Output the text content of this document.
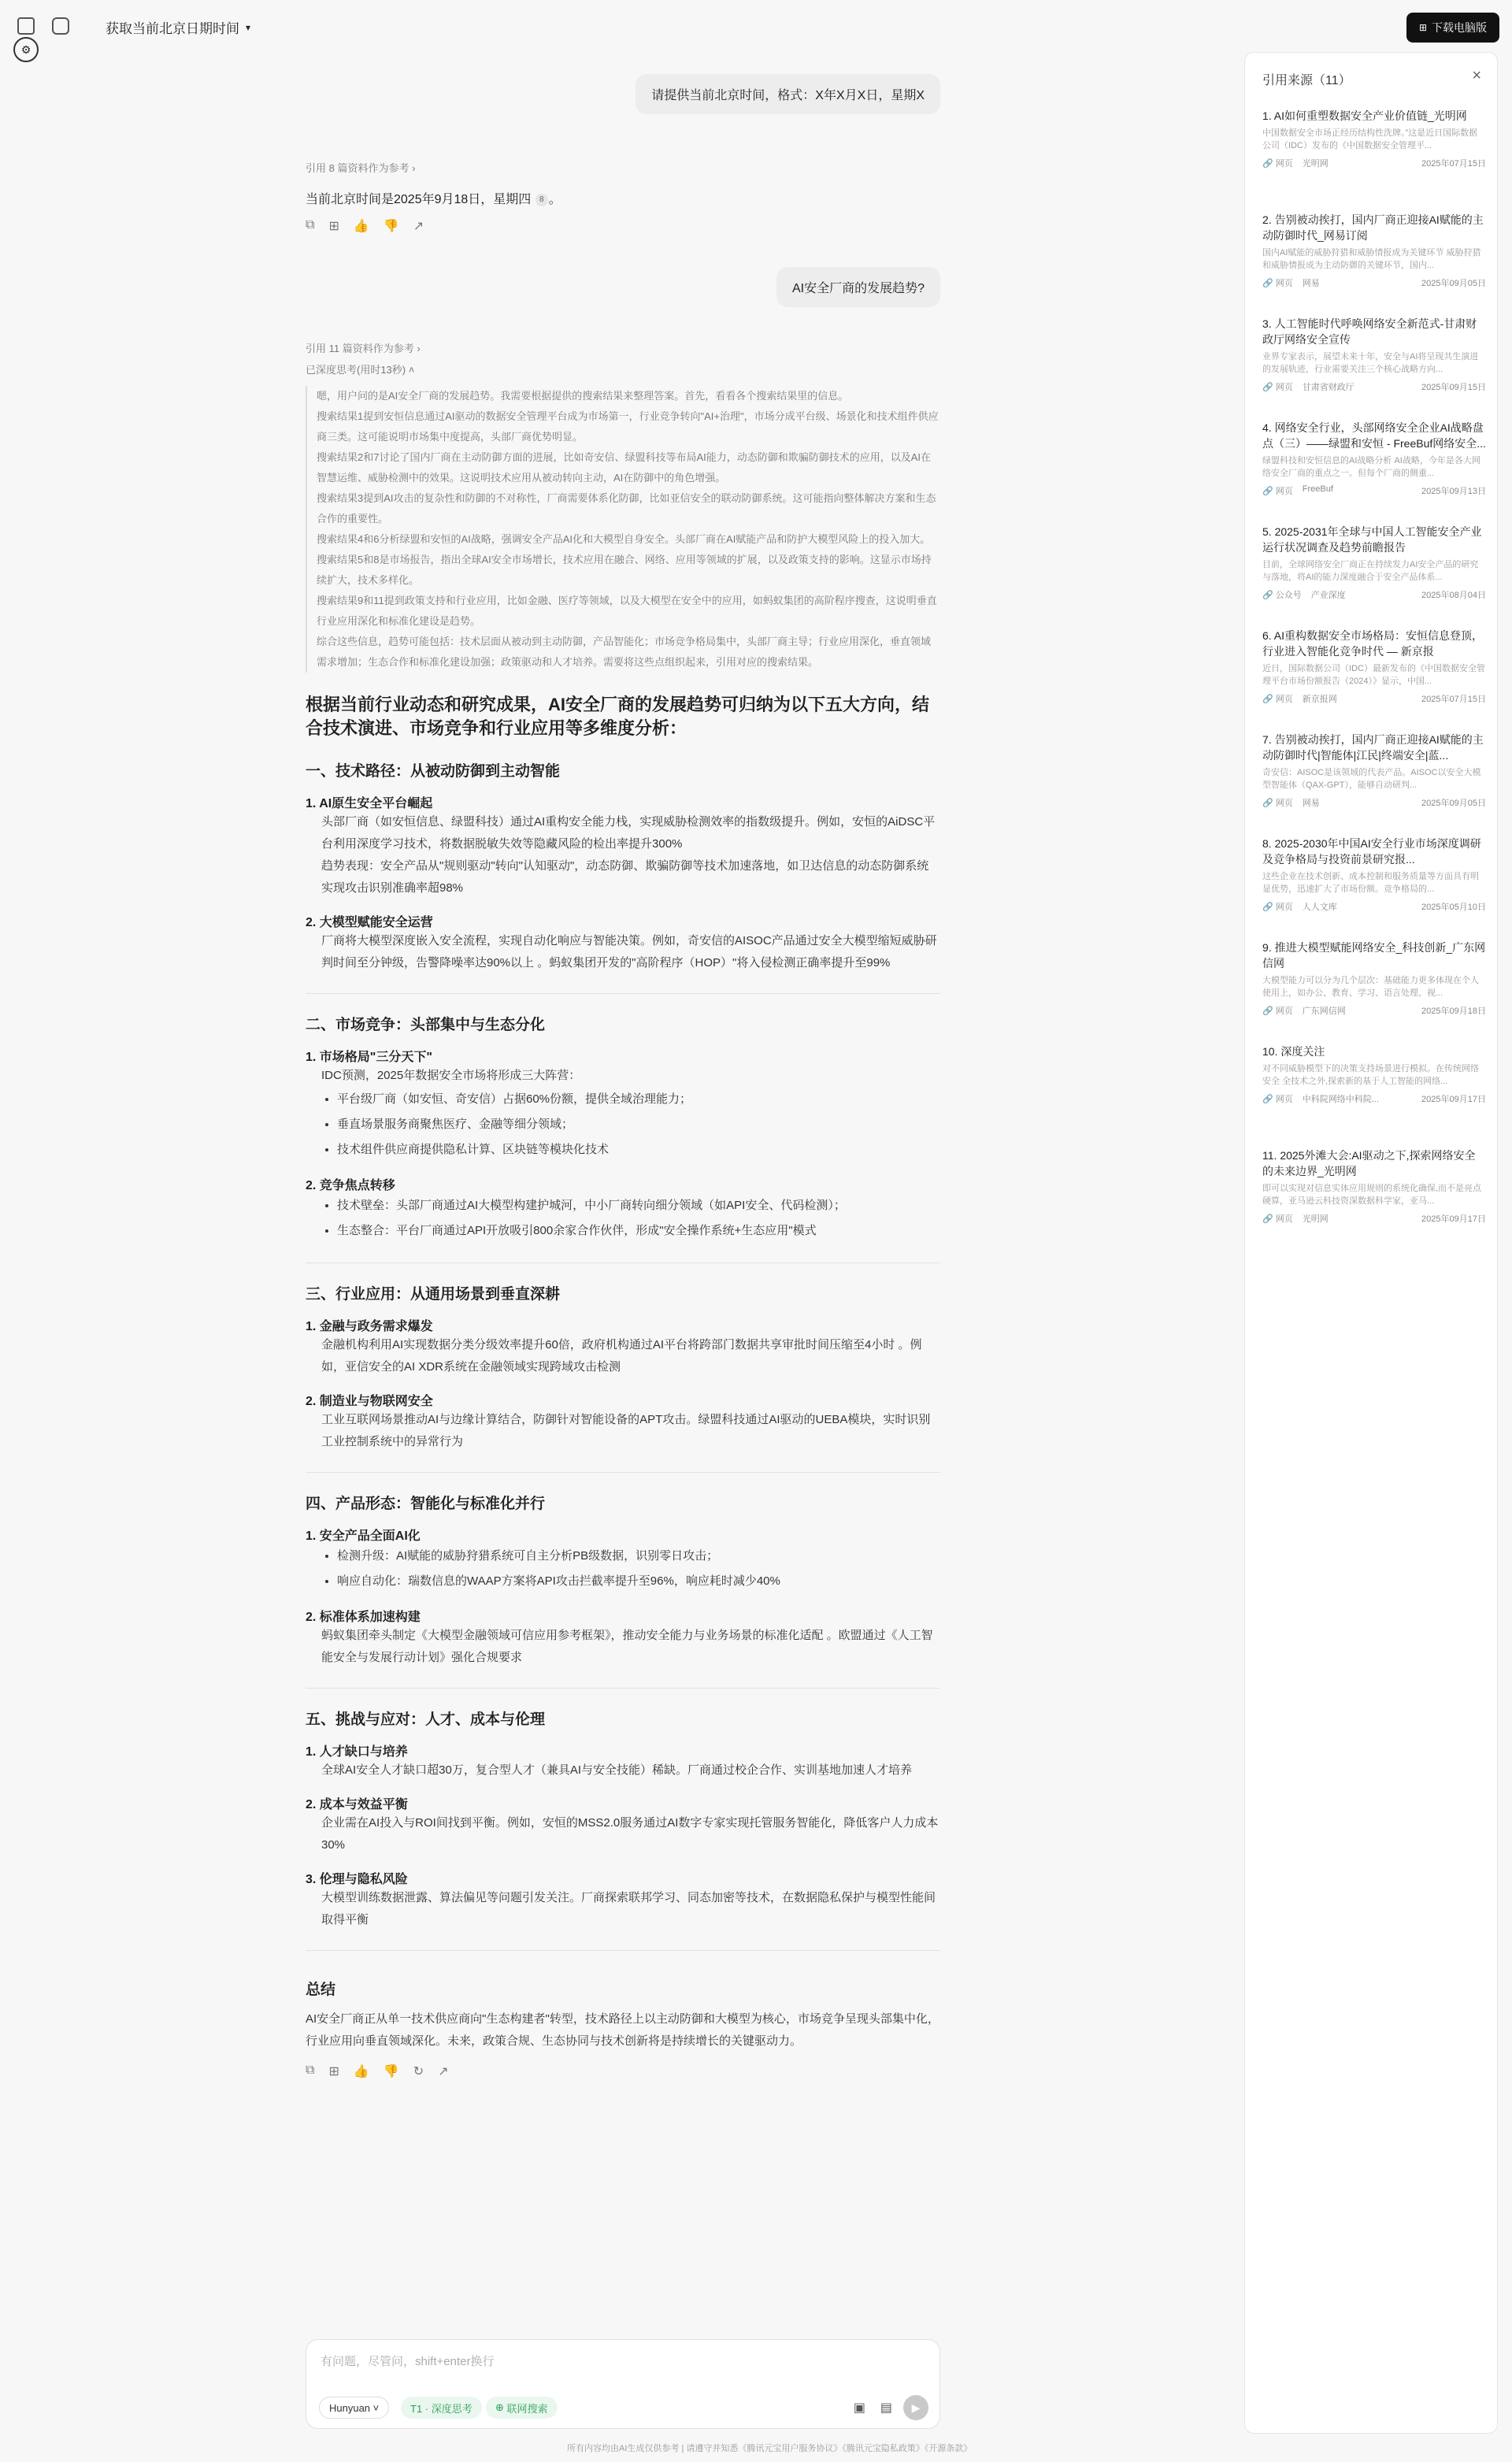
⚙
获取当前北京日期时间 ▾	⊞ 下载电脑版
请提供当前北京时间，格式：X年X月X日，星期X
引用 8 篇资料作为参考 ›
当前北京时间是2025年9月18日，星期四 8 。
⧉ ⊞ 👍 👎 ↗
AI安全厂商的发展趋势?
引用 11 篇资料作为参考 ›
已深度思考(用时13秒) ˄
嗯，用户问的是AI安全厂商的发展趋势。我需要根据提供的搜索结果来整理答案。首先，看看各个搜索结果里的信息。
搜索结果1提到安恒信息通过AI驱动的数据安全管理平台成为市场第一，行业竞争转向"AI+治理"，市场分成平台级、场景化和技术组件供应商三类。这可能说明市场集中度提高，头部厂商优势明显。
搜索结果2和7讨论了国内厂商在主动防御方面的进展，比如奇安信、绿盟科技等布局AI能力，动态防御和欺骗防御技术的应用，以及AI在智慧运维、威胁检测中的效果。这说明技术应用从被动转向主动，AI在防御中的角色增强。
搜索结果3提到AI攻击的复杂性和防御的不对称性，厂商需要体系化防御，比如亚信安全的联动防御系统。这可能指向整体解决方案和生态合作的重要性。
搜索结果4和6分析绿盟和安恒的AI战略，强调安全产品AI化和大模型自身安全。头部厂商在AI赋能产品和防护大模型风险上的投入加大。
搜索结果5和8是市场报告，指出全球AI安全市场增长，技术应用在融合、网络、应用等领域的扩展，以及政策支持的影响。这显示市场持续扩大，技术多样化。
搜索结果9和11提到政策支持和行业应用，比如金融、医疗等领域，以及大模型在安全中的应用，如蚂蚁集团的高阶程序搜查，这说明垂直行业应用深化和标准化建设是趋势。
综合这些信息，趋势可能包括：技术层面从被动到主动防御，产品智能化；市场竞争格局集中，头部厂商主导；行业应用深化，垂直领域需求增加；生态合作和标准化建设加强；政策驱动和人才培养。需要将这些点组织起来，引用对应的搜索结果。
根据当前行业动态和研究成果，AI安全厂商的发展趋势可归纳为以下五大方向，结合技术演进、市场竞争和行业应用等多维度分析：
一、技术路径：从被动防御到主动智能
1. AI原生安全平台崛起
头部厂商（如安恒信息、绿盟科技）通过AI重构安全能力栈，实现威胁检测效率的指数级提升。例如，安恒的AiDSC平台利用深度学习技术，将数据脱敏失效等隐藏风险的检出率提升300%
趋势表现：安全产品从"规则驱动"转向"认知驱动"，动态防御、欺骗防御等技术加速落地，如卫达信息的动态防御系统实现攻击识别准确率超98%
2. 大模型赋能安全运营
厂商将大模型深度嵌入安全流程，实现自动化响应与智能决策。例如，奇安信的AISOC产品通过安全大模型缩短威胁研判时间至分钟级，告警降噪率达90%以上 。蚂蚁集团开发的"高阶程序（HOP）"将入侵检测正确率提升至99%
二、市场竞争：头部集中与生态分化
1. 市场格局"三分天下"
IDC预测，2025年数据安全市场将形成三大阵营：
• 平台级厂商（如安恒、奇安信）占据60%份额，提供全域治理能力；
• 垂直场景服务商聚焦医疗、金融等细分领域；
• 技术组件供应商提供隐私计算、区块链等模块化技术
2. 竞争焦点转移
• 技术壁垒：头部厂商通过AI大模型构建护城河，中小厂商转向细分领域（如API安全、代码检测）；
• 生态整合：平台厂商通过API开放吸引800余家合作伙伴，形成"安全操作系统+生态应用"模式
三、行业应用：从通用场景到垂直深耕
1. 金融与政务需求爆发
金融机构利用AI实现数据分类分级效率提升60倍，政府机构通过AI平台将跨部门数据共享审批时间压缩至4小时 。例如，亚信安全的AI XDR系统在金融领域实现跨域攻击检测
2. 制造业与物联网安全
工业互联网场景推动AI与边缘计算结合，防御针对智能设备的APT攻击。绿盟科技通过AI驱动的UEBA模块，实时识别工业控制系统中的异常行为
四、产品形态：智能化与标准化并行
1. 安全产品全面AI化
• 检测升级：AI赋能的威胁狩猎系统可自主分析PB级数据，识别零日攻击；
• 响应自动化：瑞数信息的WAAP方案将API攻击拦截率提升至96%，响应耗时减少40%
2. 标准体系加速构建
蚂蚁集团牵头制定《大模型金融领域可信应用参考框架》，推动安全能力与业务场景的标准化适配 。欧盟通过《人工智能安全与发展行动计划》强化合规要求
五、挑战与应对：人才、成本与伦理
1. 人才缺口与培养
全球AI安全人才缺口超30万，复合型人才（兼具AI与安全技能）稀缺。厂商通过校企合作、实训基地加速人才培养
2. 成本与效益平衡
企业需在AI投入与ROI间找到平衡。例如，安恒的MSS2.0服务通过AI数字专家实现托管服务智能化，降低客户人力成本30%
3. 伦理与隐私风险
大模型训练数据泄露、算法偏见等问题引发关注。厂商探索联邦学习、同态加密等技术，在数据隐私保护与模型性能间取得平衡
总结
AI安全厂商正从单一技术供应商向"生态构建者"转型，技术路径上以主动防御和大模型为核心，市场竞争呈现头部集中化，行业应用向垂直领域深化。未来，政策合规、生态协同与技术创新将是持续增长的关键驱动力。
⧉ ⊞ 👍 👎 ↻ ↗
有问题，尽管问，shift+enter换行
Hunyuan ˅	T1 · 深度思考	⊕
联网搜索	▣ ▤	▶
所有内容均由AI生成仅供参考 | 请遵守并知悉《腾讯元宝用户服务协议》《腾讯元宝隐私政策》《开源条款》
引用来源（11）	×
1. AI如何重塑数据安全产业价值链_光明网
中国数据安全市场正经历结构性洗牌。”这是近日国际数据公司（IDC）发布的《中国数据安全管理平...
🔗 网页 光明网	2025年07月15日
2. 告别被动挨打，国内厂商正迎接AI赋能的主动防御时代_网易订阅
国内AI赋能的威胁狩猎和威胁情报成为关键环节 威胁狩猎和威胁情报成为主动防御的关键环节，国内...
🔗 网页 网易	2025年09月05日
3. 人工智能时代呼唤网络安全新范式-甘肃财政厅网络安全宣传
业界专家表示，展望未来十年，安全与AI将呈现共生演进的发展轨迹，行业需要关注三个核心战略方向...
🔗 网页 甘肃省财政厅	2025年09月15日
4. 网络安全行业，头部网络安全企业AI战略盘点（三）——绿盟和安恒 - FreeBuf网络安全...
绿盟科技和安恒信息的AI战略分析 AI战略，今年是各大网络安全厂商的重点之一。但每个厂商的侧重...
🔗 网页 FreeBuf	2025年09月13日
5. 2025-2031年全球与中国人工智能安全产业运行状况调查及趋势前瞻报告
目前，全球网络安全厂商正在持续发力AI安全产品的研究与落地，将AI的能力深度融合于安全产品体系...
🔗 公众号 产业深度	2025年08月04日
6. AI重构数据安全市场格局：安恒信息登顶，行业进入智能化竞争时代 — 新京报
近日，国际数据公司（IDC）最新发布的《中国数据安全管理平台市场份额报告（2024）》显示，中国...
🔗 网页 新京报网	2025年07月15日
7. 告别被动挨打，国内厂商正迎接AI赋能的主动防御时代|智能体|江民|终端安全|蓝...
奇安信：AISOC是该领域的代表产品。AISOC以安全大模型智能体（QAX-GPT），能够自动研判...
🔗 网页 网易	2025年09月05日
8. 2025-2030年中国AI安全行业市场深度调研及竞争格局与投资前景研究报...
这些企业在技术创新、成本控制和服务质量等方面具有明显优势，迅速扩大了市场份额。竞争格局的...
🔗 网页 人人文库	2025年05月10日
9. 推进大模型赋能网络安全_科技创新_广东网信网
大模型能力可以分为几个层次：基础能力更多体现在个人使用上，如办公、教育、学习、语言处理、视...
🔗 网页 广东网信网	2025年09月18日
10. 深度关注
对不同威胁模型下的决策支持场景进行模拟。在传统网络安全 全技术之外,探索新的基于人工智能的网络...
🔗 网页 中科院网络中科院...	2025年09月17日
11. 2025外滩大会:AI驱动之下,探索网络安全的未来边界_光明网
即可以实现对信息实体应用规则的系统化确保,而不是亮点硬算，亚马逊云科技资深数据科学家，亚马...
🔗 网页 光明网	2025年09月17日
